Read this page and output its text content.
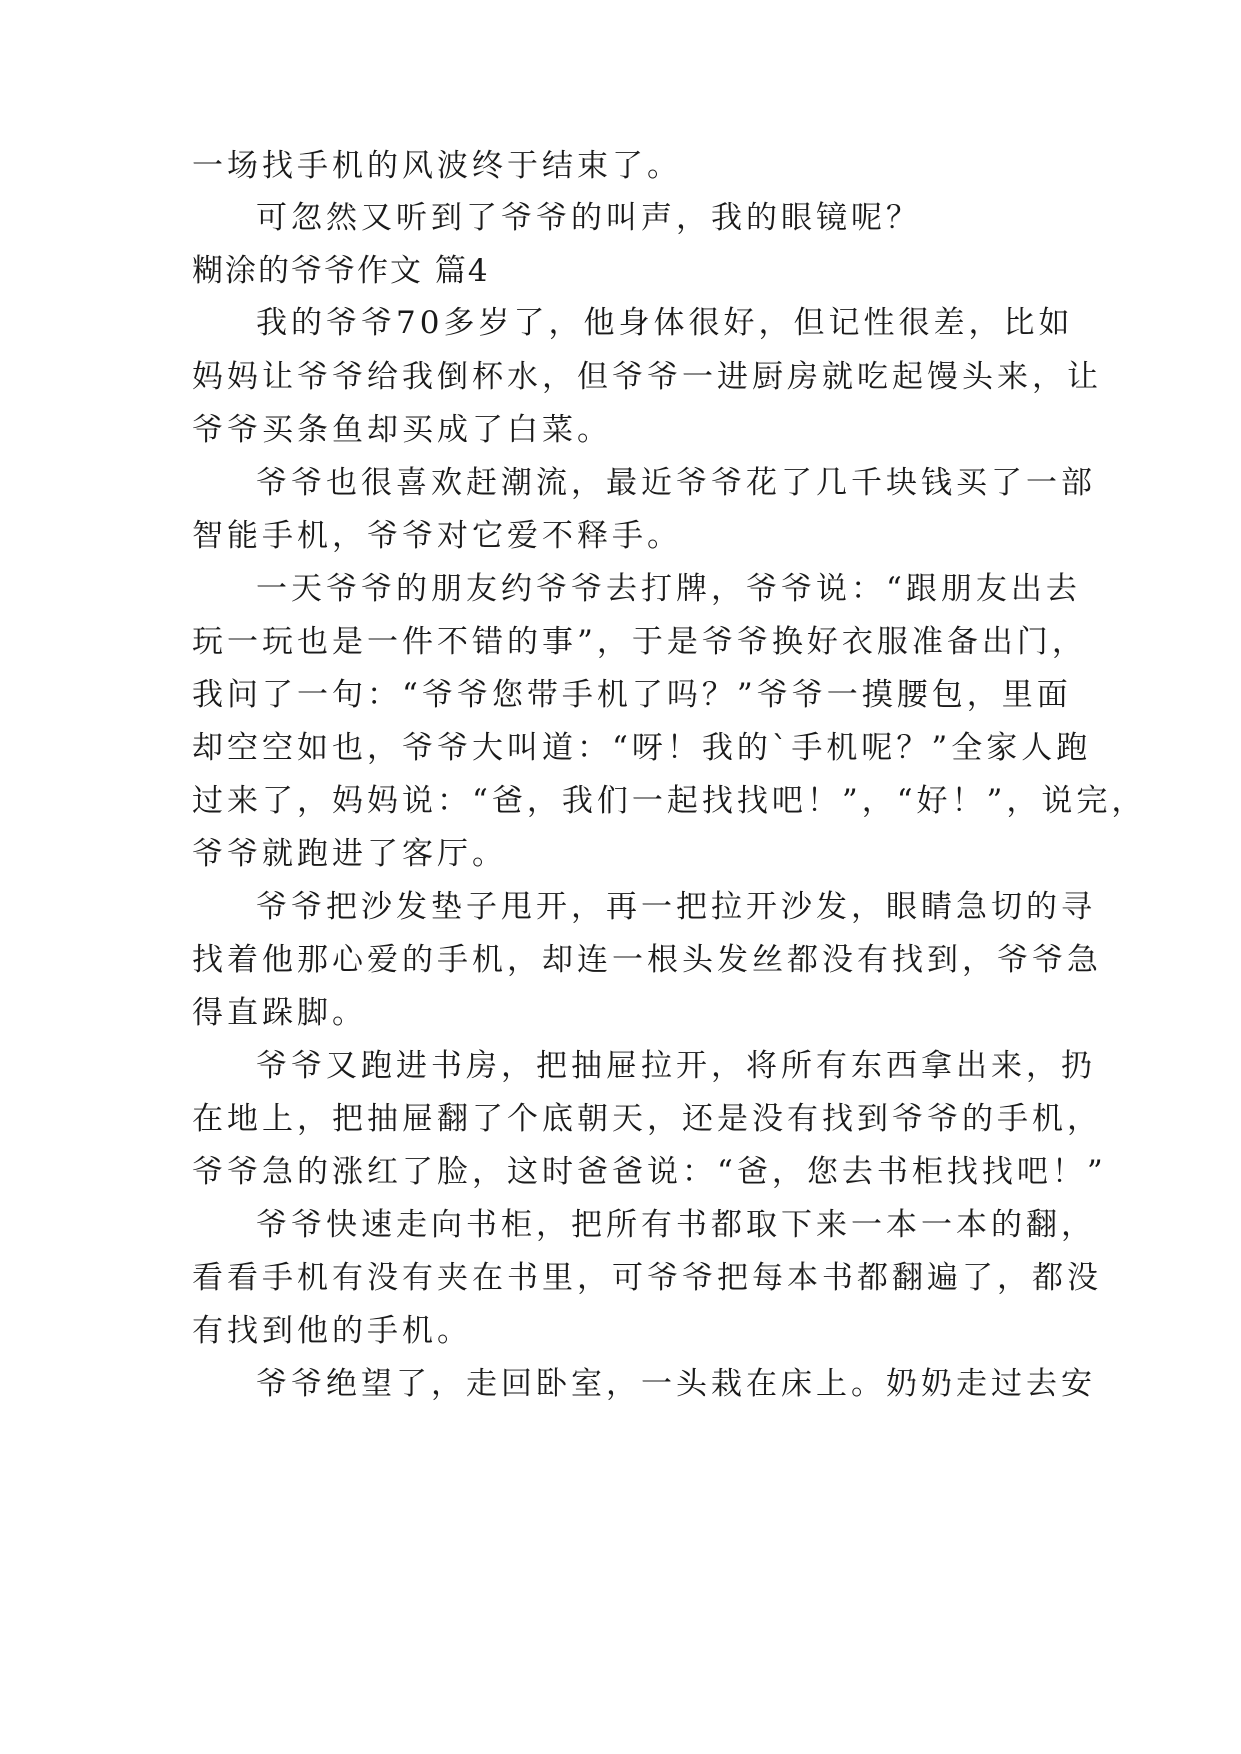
一场找手机的风波终于结束了。
可忽然又听到了爷爷的叫声，我的眼镜呢？
糊涂的爷爷作文 篇4
我的爷爷70多岁了，他身体很好，但记性很差，比如
妈妈让爷爷给我倒杯水，但爷爷一进厨房就吃起馒头来，让
爷爷买条鱼却买成了白菜。
爷爷也很喜欢赶潮流，最近爷爷花了几千块钱买了一部
智能手机，爷爷对它爱不释手。
一天爷爷的朋友约爷爷去打牌，爷爷说：“跟朋友出去
玩一玩也是一件不错的事”，于是爷爷换好衣服准备出门，
我问了一句：“爷爷您带手机了吗？”爷爷一摸腰包，里面
却空空如也，爷爷大叫道：“呀！我的`手机呢？”全家人跑
过来了，妈妈说：“爸，我们一起找找吧！”，“好！”，说完，
爷爷就跑进了客厅。
爷爷把沙发垫子甩开，再一把拉开沙发，眼睛急切的寻
找着他那心爱的手机，却连一根头发丝都没有找到，爷爷急
得直跺脚。
爷爷又跑进书房，把抽屉拉开，将所有东西拿出来，扔
在地上，把抽屉翻了个底朝天，还是没有找到爷爷的手机，
爷爷急的涨红了脸，这时爸爸说：“爸，您去书柜找找吧！”
爷爷快速走向书柜，把所有书都取下来一本一本的翻，
看看手机有没有夹在书里，可爷爷把每本书都翻遍了，都没
有找到他的手机。
爷爷绝望了，走回卧室，一头栽在床上。奶奶走过去安
